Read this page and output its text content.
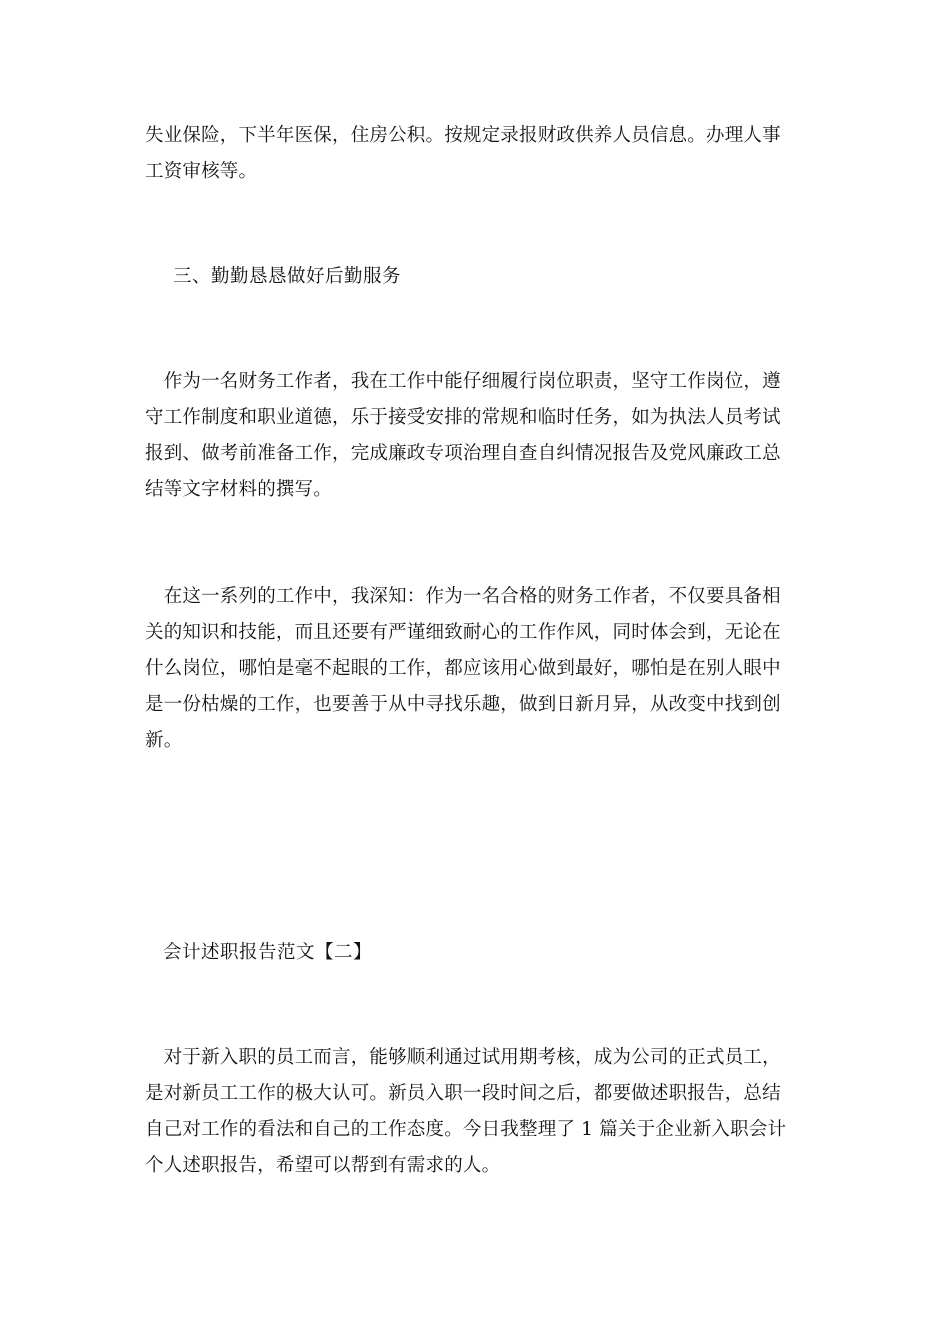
失业保险，下半年医保，住房公积。按规定录报财政供养人员信息。办理人事
工资审核等。

三、勤勤恳恳做好后勤服务

　作为一名财务工作者，我在工作中能仔细履行岗位职责，坚守工作岗位，遵
守工作制度和职业道德，乐于接受安排的常规和临时任务，如为执法人员考试
报到、做考前准备工作，完成廉政专项治理自查自纠情况报告及党风廉政工总
结等文字材料的撰写。

　在这一系列的工作中，我深知：作为一名合格的财务工作者，不仅要具备相
关的知识和技能，而且还要有严谨细致耐心的工作作风，同时体会到，无论在
什么岗位，哪怕是毫不起眼的工作，都应该用心做到最好，哪怕是在别人眼中
是一份枯燥的工作，也要善于从中寻找乐趣，做到日新月异，从改变中找到创
新。

会计述职报告范文【二】

　对于新入职的员工而言，能够顺利通过试用期考核，成为公司的正式员工，
是对新员工工作的极大认可。新员入职一段时间之后，都要做述职报告，总结
自己对工作的看法和自己的工作态度。今日我整理了 1 篇关于企业新入职会计
个人述职报告，希望可以帮到有需求的人。
